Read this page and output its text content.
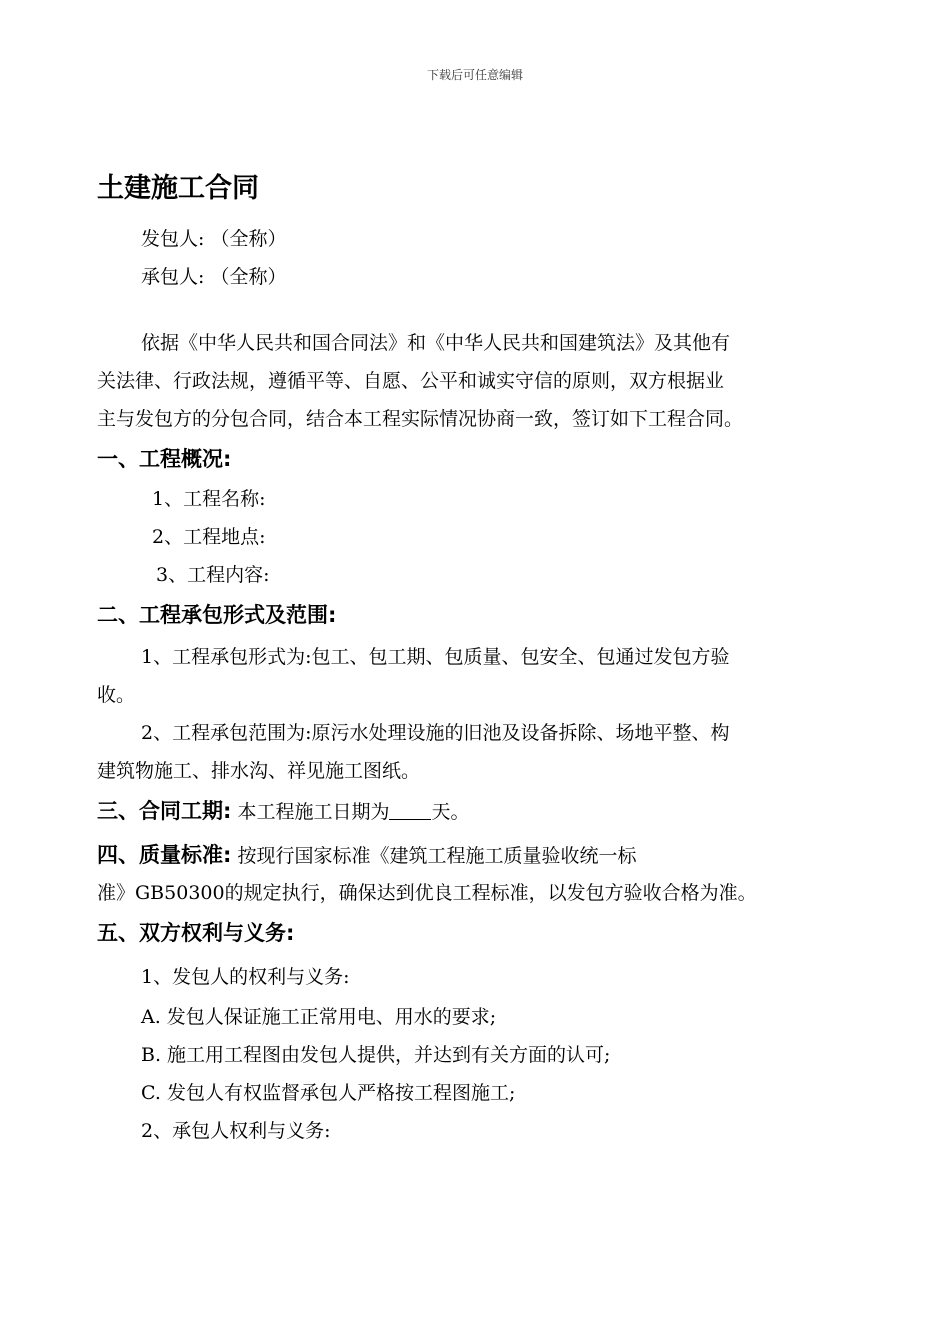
下载后可任意编辑
土建施工合同
发包人: （全称）
承包人: （全称）
依据《中华人民共和国合同法》和《中华人民共和国建筑法》及其他有
关法律、行政法规，遵循平等、自愿、公平和诚实守信的原则，双方根据业
主与发包方的分包合同，结合本工程实际情况协商一致，签订如下工程合同。
一、工程概况:
1、工程名称:
2、工程地点:
3、工程内容:
二、工程承包形式及范围:
1、工程承包形式为:包工、包工期、包质量、包安全、包通过发包方验
收。
2、工程承包范围为:原污水处理设施的旧池及设备拆除、场地平整、构
建筑物施工、排水沟、祥见施工图纸。
三、合同工期: 本工程施工日期为 天。
四、质量标准: 按现行国家标准《建筑工程施工质量验收统一标
准》GB50300的规定执行，确保达到优良工程标准，以发包方验收合格为准。
五、双方权利与义务:
1、发包人的权利与义务:
A. 发包人保证施工正常用电、用水的要求;
B. 施工用工程图由发包人提供，并达到有关方面的认可;
C. 发包人有权监督承包人严格按工程图施工;
2、承包人权利与义务:
